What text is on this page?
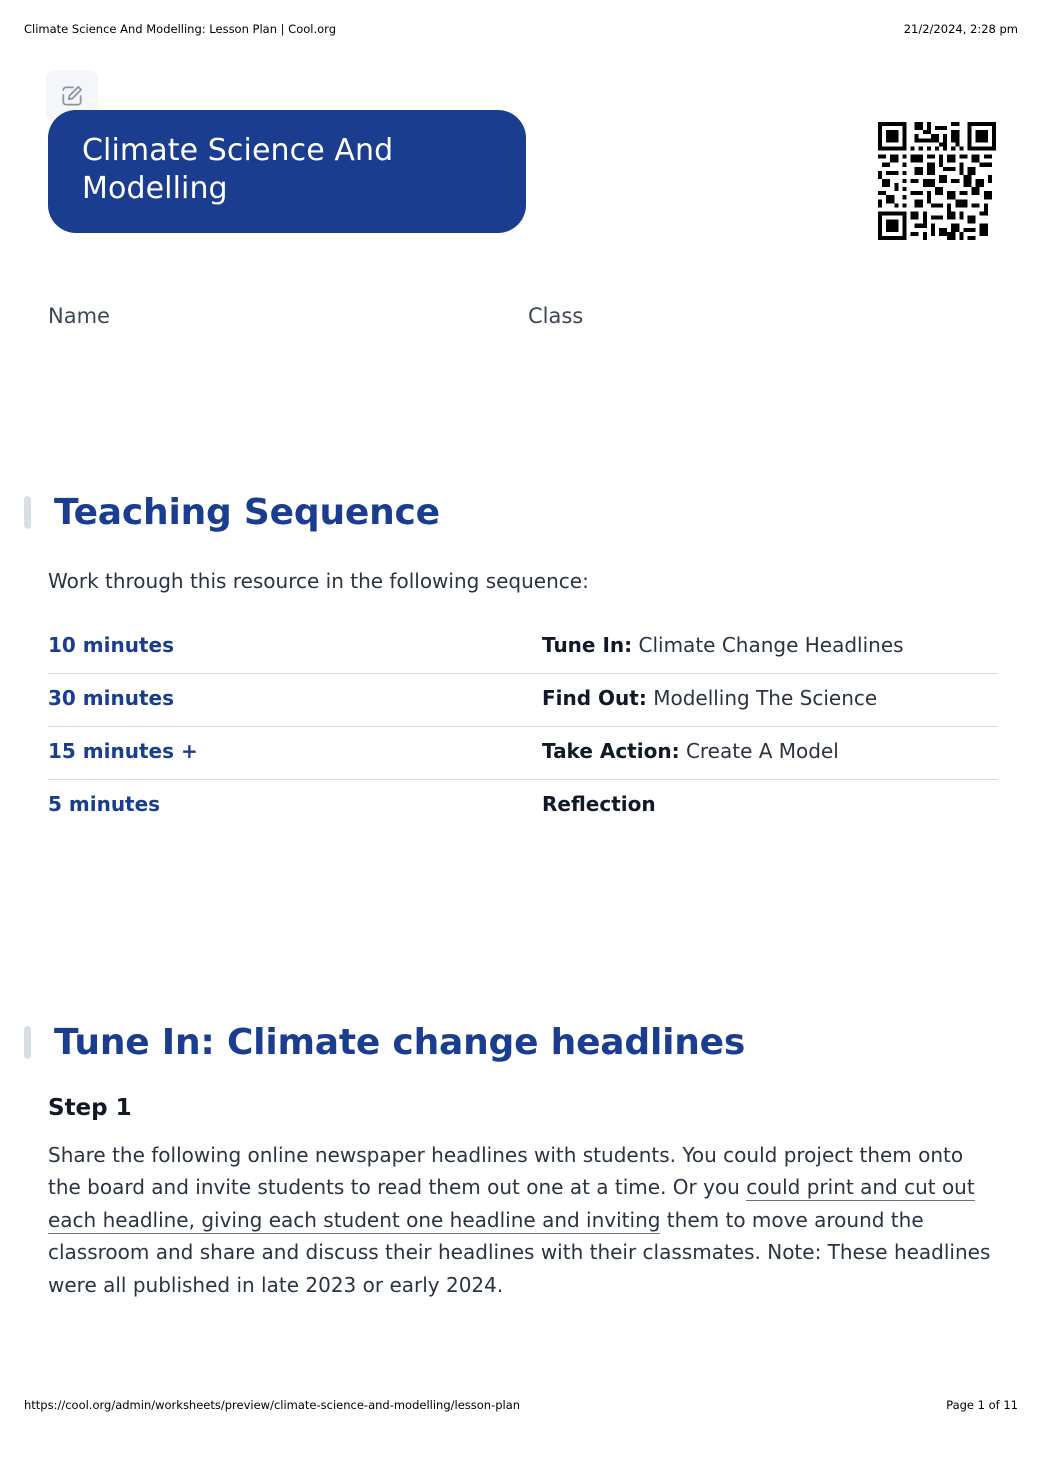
Climate Science And Modelling: Lesson Plan | Cool.org	21/2/2024, 2:28 pm
Climate Science And Modelling
Name	Class
Teaching Sequence

Work through this resource in the following sequence:

10 minutes	Tune In: Climate Change Headlines
30 minutes	Find Out: Modelling The Science
15 minutes +	Take Action: Create A Model
5 minutes	Reflection
Tune In: Climate change headlines
Step 1

Share the following online newspaper headlines with students. You could project them onto the board and invite students to read them out one at a time. Or you could print and cut out each headline, giving each student one headline and inviting them to move around the classroom and share and discuss their headlines with their classmates. Note: These headlines were all published in late 2023 or early 2024.

https://cool.org/admin/worksheets/preview/climate-science-and-modelling/lesson-plan	Page 1 of 11
